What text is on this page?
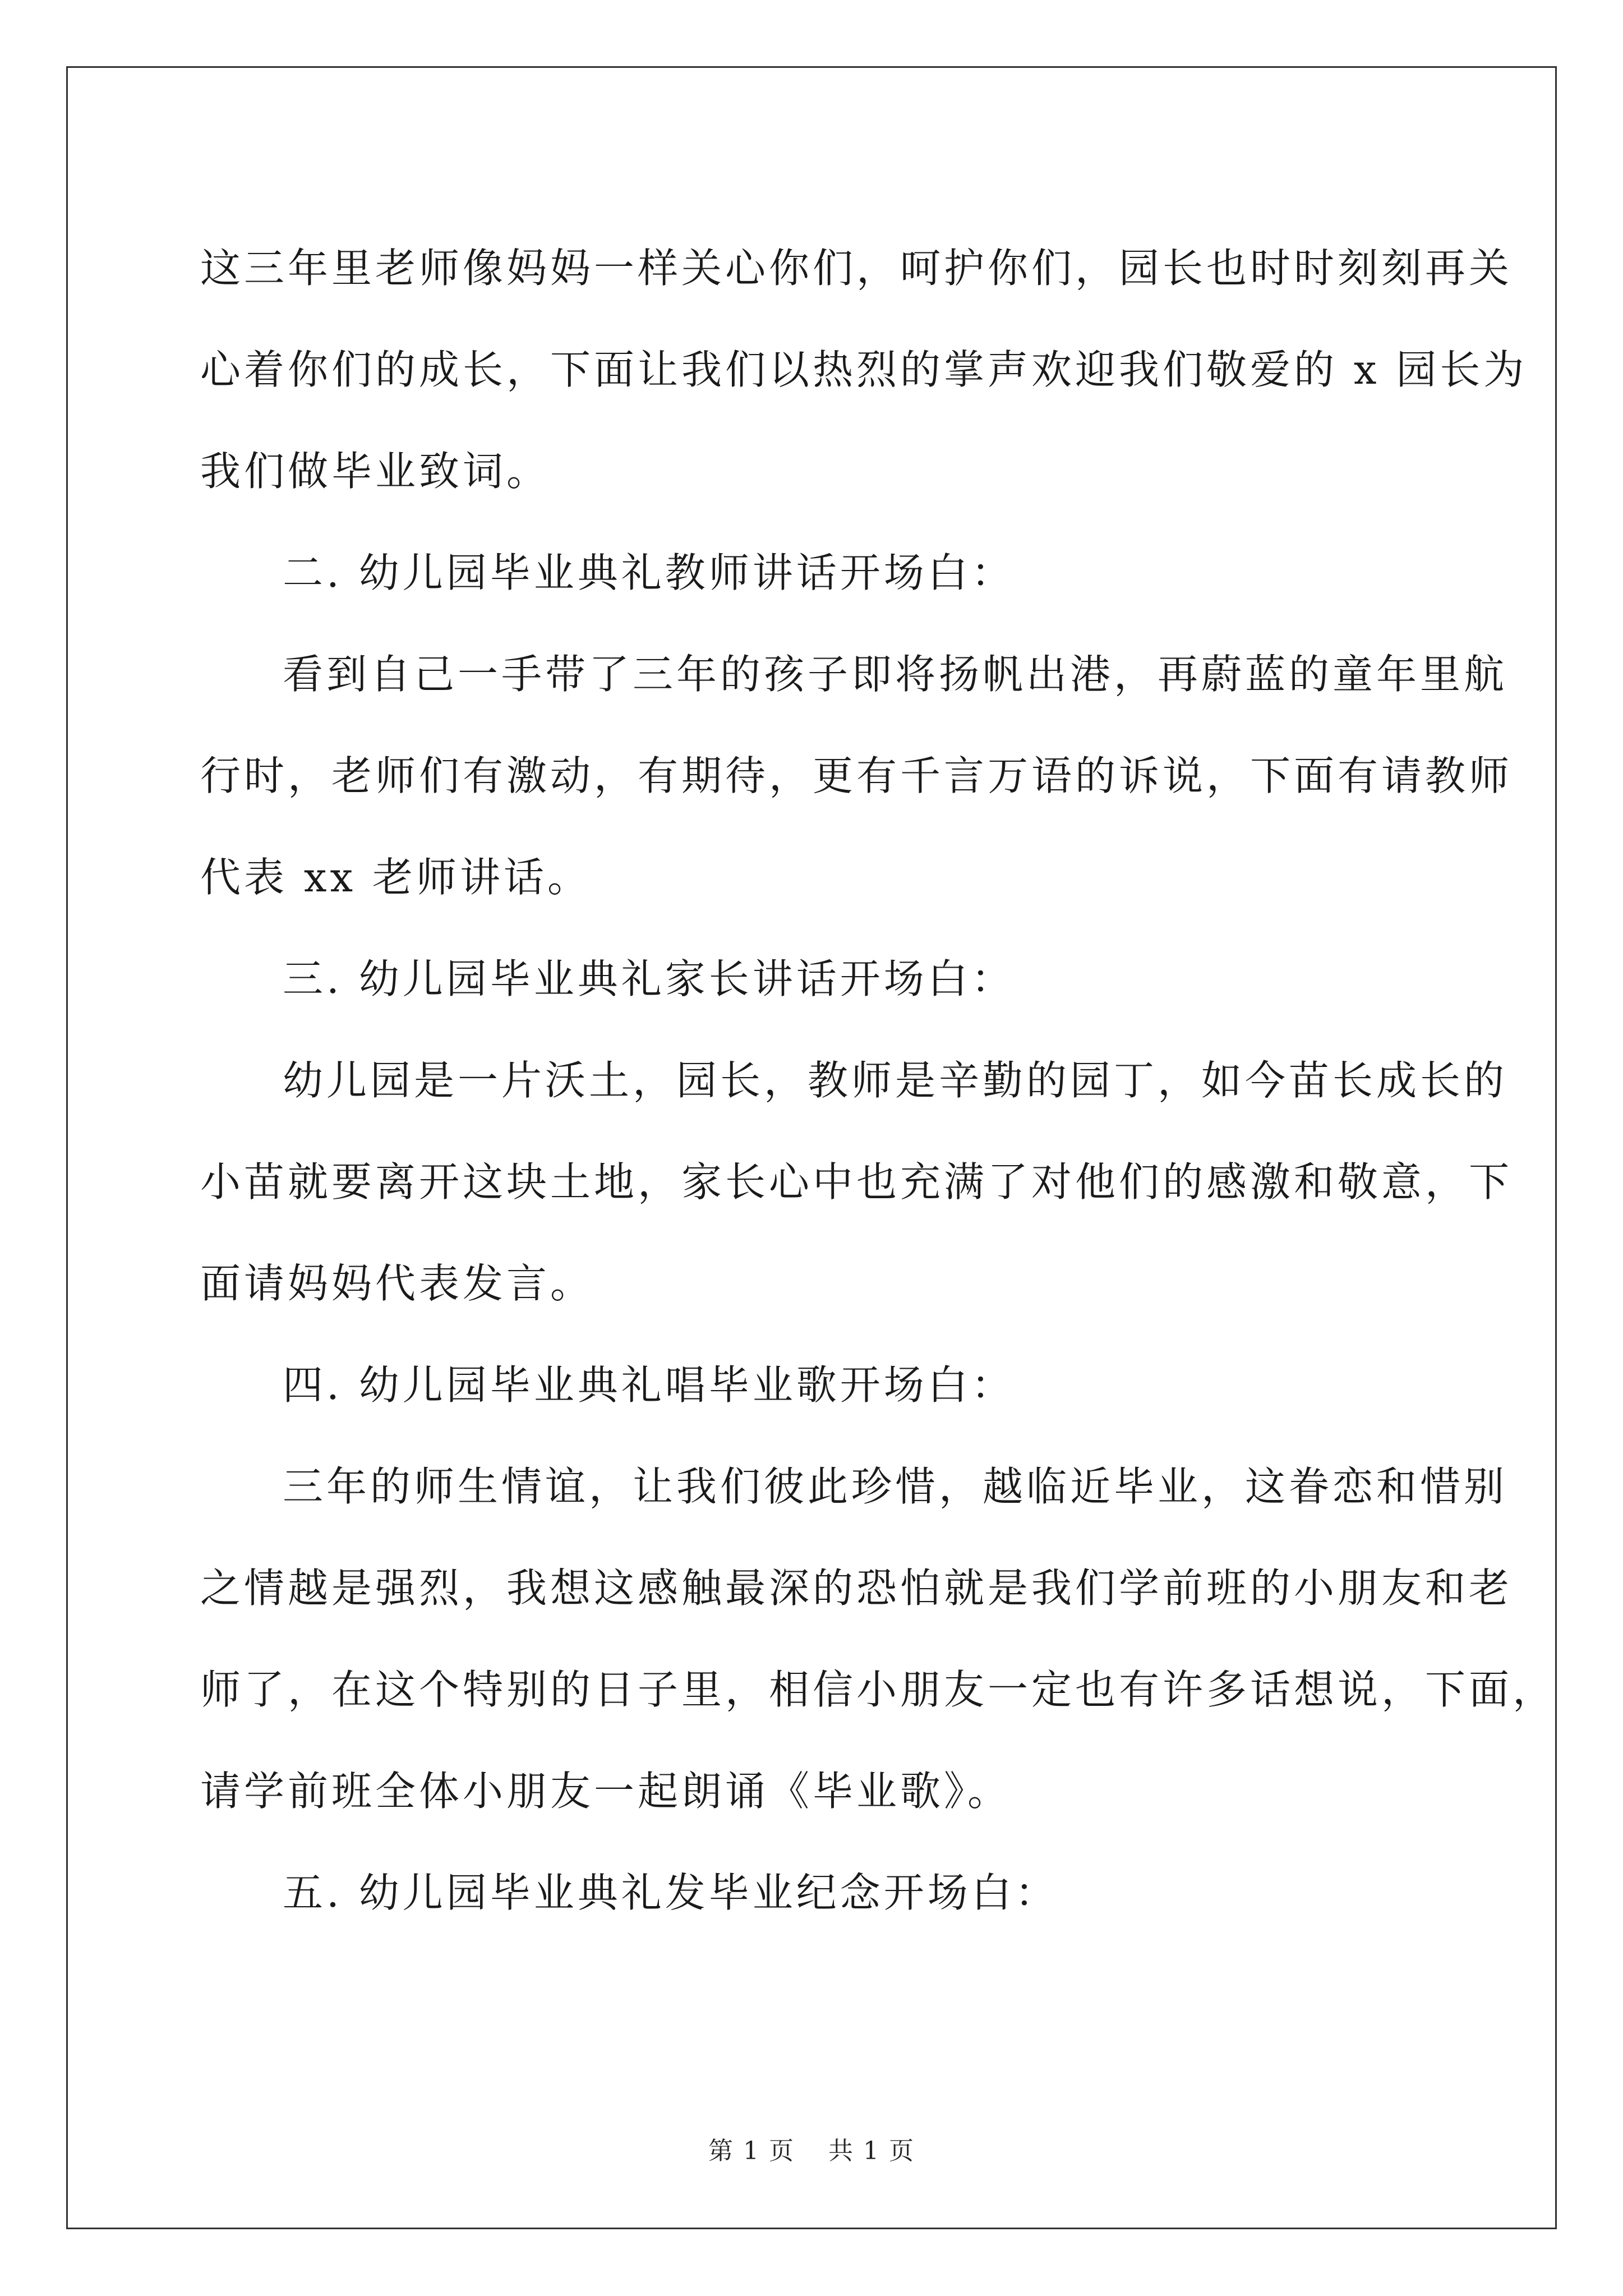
这三年里老师像妈妈一样关心你们，呵护你们，园长也时时刻刻再关

心着你们的成长，下面让我们以热烈的掌声欢迎我们敬爱的 x 园长为

我们做毕业致词。

二. 幼儿园毕业典礼教师讲话开场白：

看到自己一手带了三年的孩子即将扬帆出港，再蔚蓝的童年里航

行时，老师们有激动，有期待，更有千言万语的诉说，下面有请教师

代表 xx 老师讲话。

三. 幼儿园毕业典礼家长讲话开场白：

幼儿园是一片沃土，园长，教师是辛勤的园丁，如今苗长成长的

小苗就要离开这块土地，家长心中也充满了对他们的感激和敬意，下

面请妈妈代表发言。

四. 幼儿园毕业典礼唱毕业歌开场白：

三年的师生情谊，让我们彼此珍惜，越临近毕业，这眷恋和惜别

之情越是强烈，我想这感触最深的恐怕就是我们学前班的小朋友和老

师了，在这个特别的日子里，相信小朋友一定也有许多话想说，下面，

请学前班全体小朋友一起朗诵《毕业歌》。

五. 幼儿园毕业典礼发毕业纪念开场白：

第 1 页 共 1 页
